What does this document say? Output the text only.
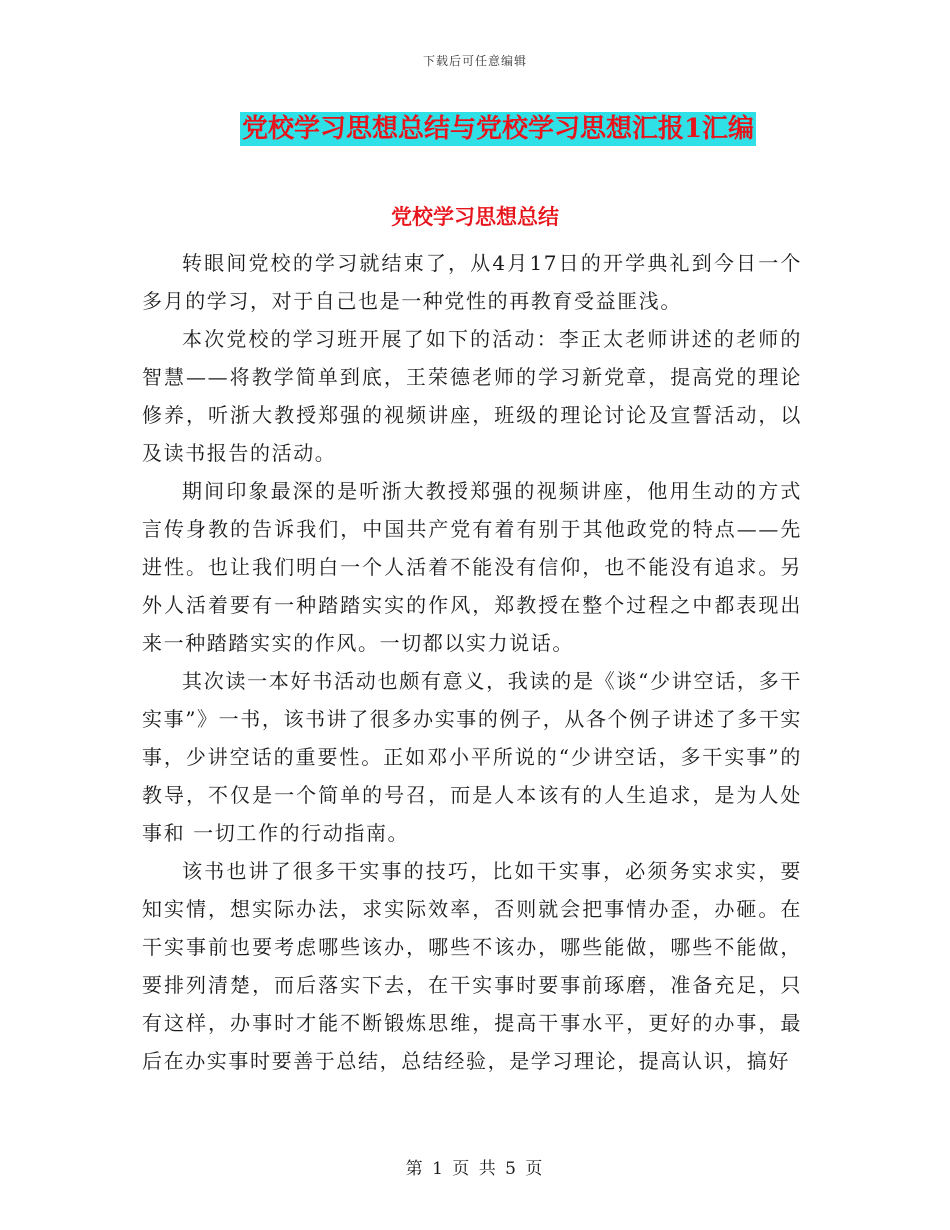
下载后可任意编辑
党校学习思想总结与党校学习思想汇报1汇编
党校学习思想总结

转眼间党校的学习就结束了，从4月17日的开学典礼到今日一个多月的学习，对于自己也是一种党性的再教育受益匪浅。

本次党校的学习班开展了如下的活动：李正太老师讲述的老师的智慧——将教学简单到底，王荣德老师的学习新党章，提高党的理论修养，听浙大教授郑强的视频讲座，班级的理论讨论及宣誓活动，以及读书报告的活动。

期间印象最深的是听浙大教授郑强的视频讲座，他用生动的方式言传身教的告诉我们，中国共产党有着有别于其他政党的特点——先进性。也让我们明白一个人活着不能没有信仰，也不能没有追求。另外人活着要有一种踏踏实实的作风，郑教授在整个过程之中都表现出来一种踏踏实实的作风。一切都以实力说话。

其次读一本好书活动也颇有意义，我读的是《谈“少讲空话，多干实事”》一书，该书讲了很多办实事的例子，从各个例子讲述了多干实事，少讲空话的重要性。正如邓小平所说的“少讲空话，多干实事”的教导，不仅是一个简单的号召，而是人本该有的人生追求，是为人处事和 一切工作的行动指南。

该书也讲了很多干实事的技巧，比如干实事，必须务实求实，要知实情，想实际办法，求实际效率，否则就会把事情办歪，办砸。在干实事前也要考虑哪些该办，哪些不该办，哪些能做，哪些不能做，要排列清楚，而后落实下去，在干实事时要事前琢磨，准备充足，只有这样，办事时才能不断锻炼思维，提高干事水平，更好的办事，最后在办实事时要善于总结，总结经验，是学习理论，提高认识，搞好

第 1 页 共 5 页
